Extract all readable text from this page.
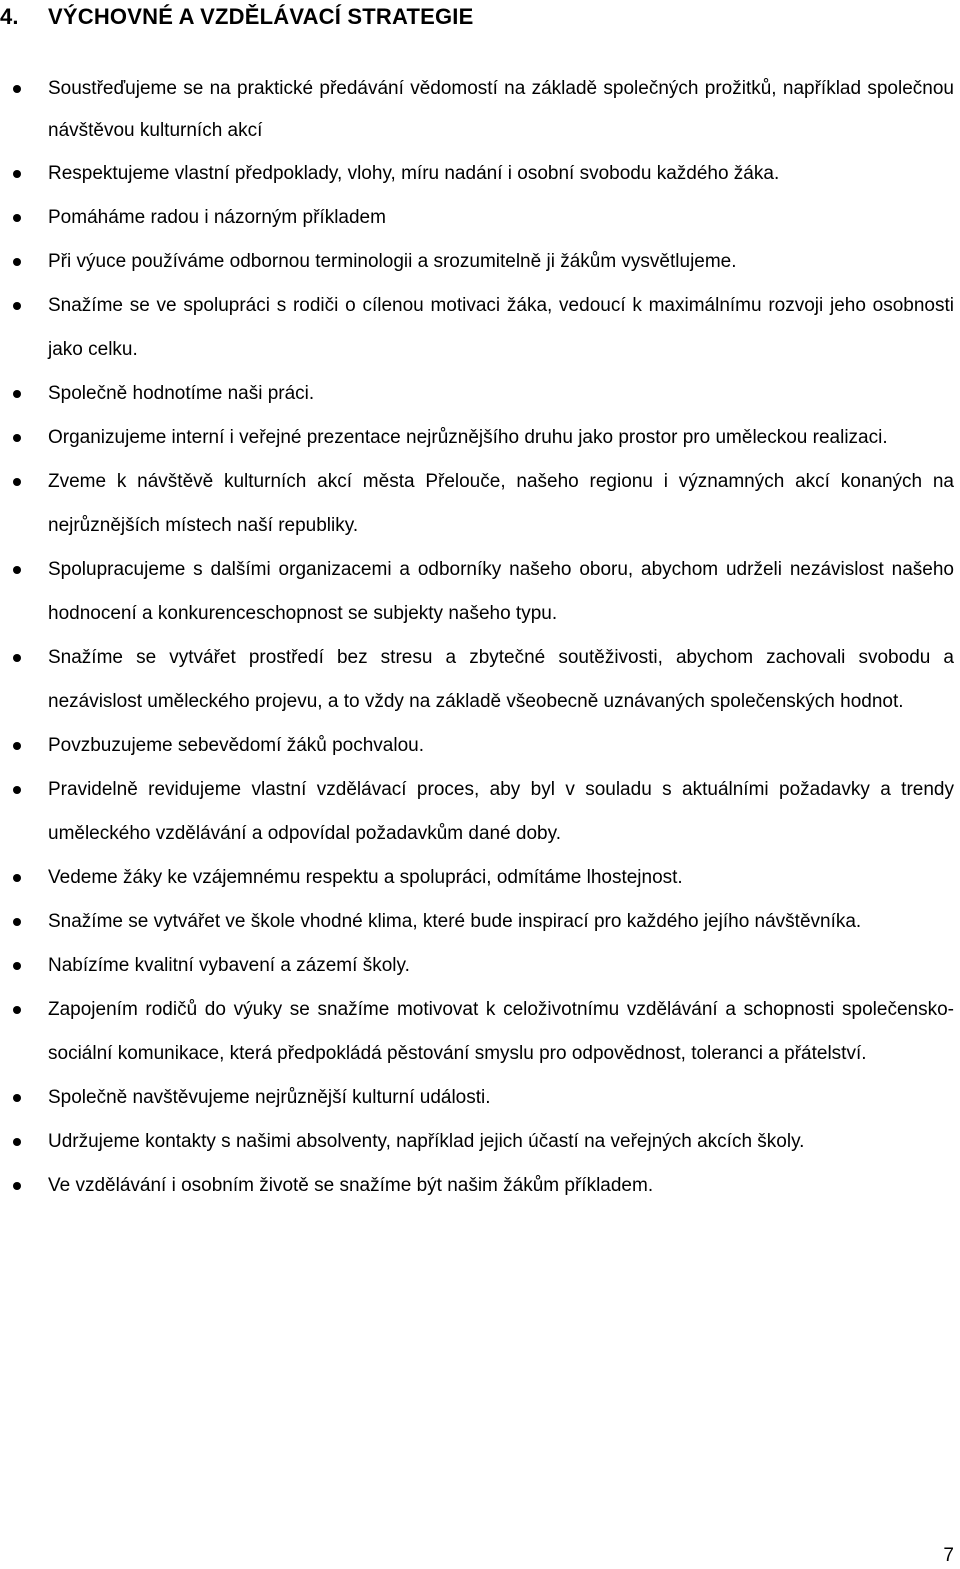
4. VÝCHOVNÉ A VZDĚLÁVACÍ STRATEGIE
Soustřeďujeme se na praktické předávání vědomostí na základě společných prožitků, například společnou návštěvou kulturních akcí
Respektujeme vlastní předpoklady, vlohy, míru nadání i osobní svobodu každého žáka.
Pomáháme radou i názorným příkladem
Při výuce používáme odbornou terminologii a srozumitelně ji žákům vysvětlujeme.
Snažíme se ve spolupráci s rodiči o cílenou motivaci žáka, vedoucí k maximálnímu rozvoji jeho osobnosti jako celku.
Společně hodnotíme naši práci.
Organizujeme interní i veřejné prezentace nejrůznějšího druhu jako prostor pro uměleckou realizaci.
Zveme k návštěvě kulturních akcí města Přelouče, našeho regionu i významných akcí konaných na nejrůznějších místech naší republiky.
Spolupracujeme s dalšími organizacemi a odborníky našeho oboru, abychom udrželi nezávislost našeho hodnocení a konkurenceschopnost se subjekty našeho typu.
Snažíme se vytvářet prostředí bez stresu a zbytečné soutěživosti, abychom zachovali svobodu a nezávislost uměleckého projevu, a to vždy na základě všeobecně uznávaných společenských hodnot.
Povzbuzujeme sebevědomí žáků pochvalou.
Pravidelně revidujeme vlastní vzdělávací proces, aby byl v souladu s aktuálními požadavky a trendy uměleckého vzdělávání a odpovídal požadavkům dané doby.
Vedeme žáky ke vzájemnému respektu a spolupráci, odmítáme lhostejnost.
Snažíme se vytvářet ve škole vhodné klima, které bude inspirací pro každého jejího návštěvníka.
Nabízíme kvalitní vybavení a zázemí školy.
Zapojením rodičů do výuky se snažíme motivovat k celoživotnímu vzdělávání a schopnosti společensko-sociální komunikace, která předpokládá pěstování smyslu pro odpovědnost, toleranci a přátelství.
Společně navštěvujeme nejrůznější kulturní události.
Udržujeme kontakty s našimi absolventy, například jejich účastí na veřejných akcích školy.
Ve vzdělávání i osobním životě se snažíme být našim žákům příkladem.
7
